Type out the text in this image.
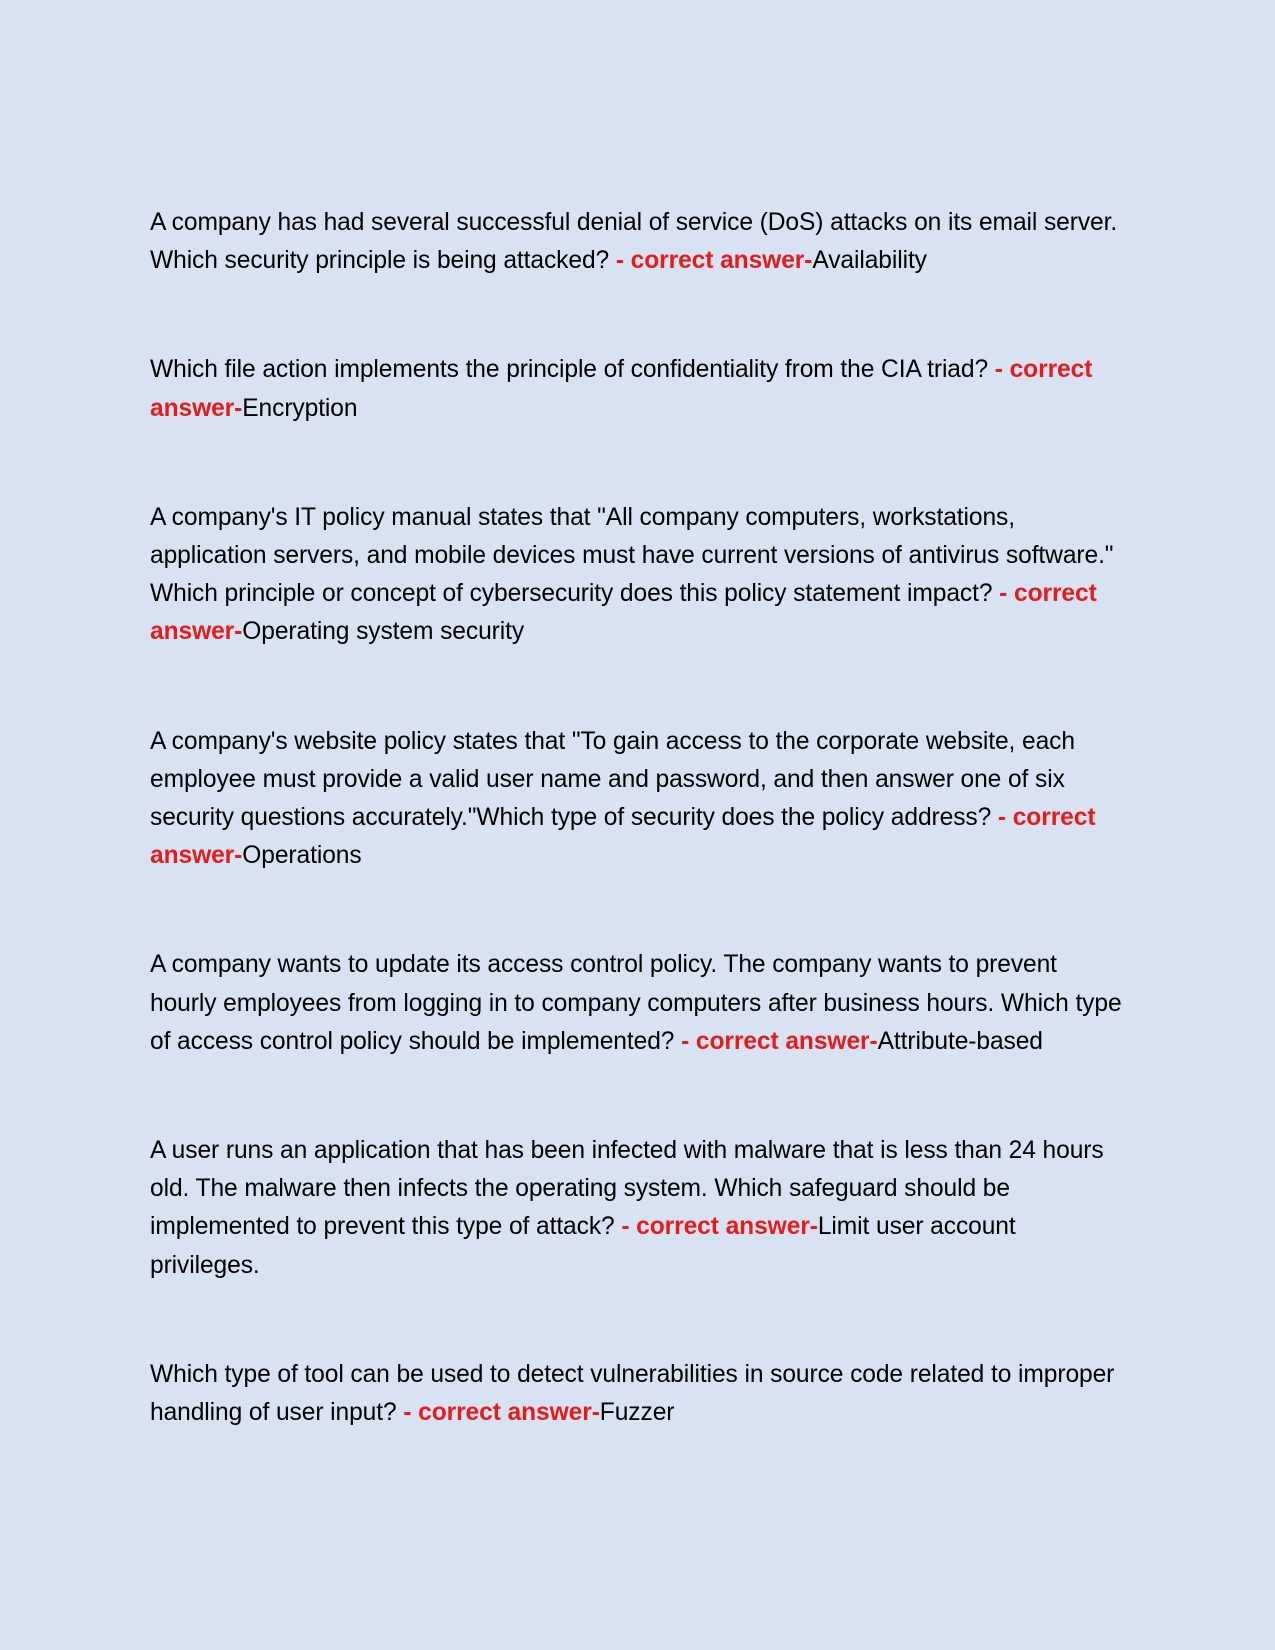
A company has had several successful denial of service (DoS) attacks on its email server. Which security principle is being attacked? - correct answer-Availability

Which file action implements the principle of confidentiality from the CIA triad? - correct answer-Encryption

A company's IT policy manual states that "All company computers, workstations, application servers, and mobile devices must have current versions of antivirus software." Which principle or concept of cybersecurity does this policy statement impact? - correct answer-Operating system security

A company's website policy states that "To gain access to the corporate website, each employee must provide a valid user name and password, and then answer one of six security questions accurately."Which type of security does the policy address? - correct answer-Operations

A company wants to update its access control policy. The company wants to prevent hourly employees from logging in to company computers after business hours. Which type of access control policy should be implemented? - correct answer-Attribute-based

A user runs an application that has been infected with malware that is less than 24 hours old. The malware then infects the operating system. Which safeguard should be implemented to prevent this type of attack? - correct answer-Limit user account privileges.

Which type of tool can be used to detect vulnerabilities in source code related to improper handling of user input? - correct answer-Fuzzer
